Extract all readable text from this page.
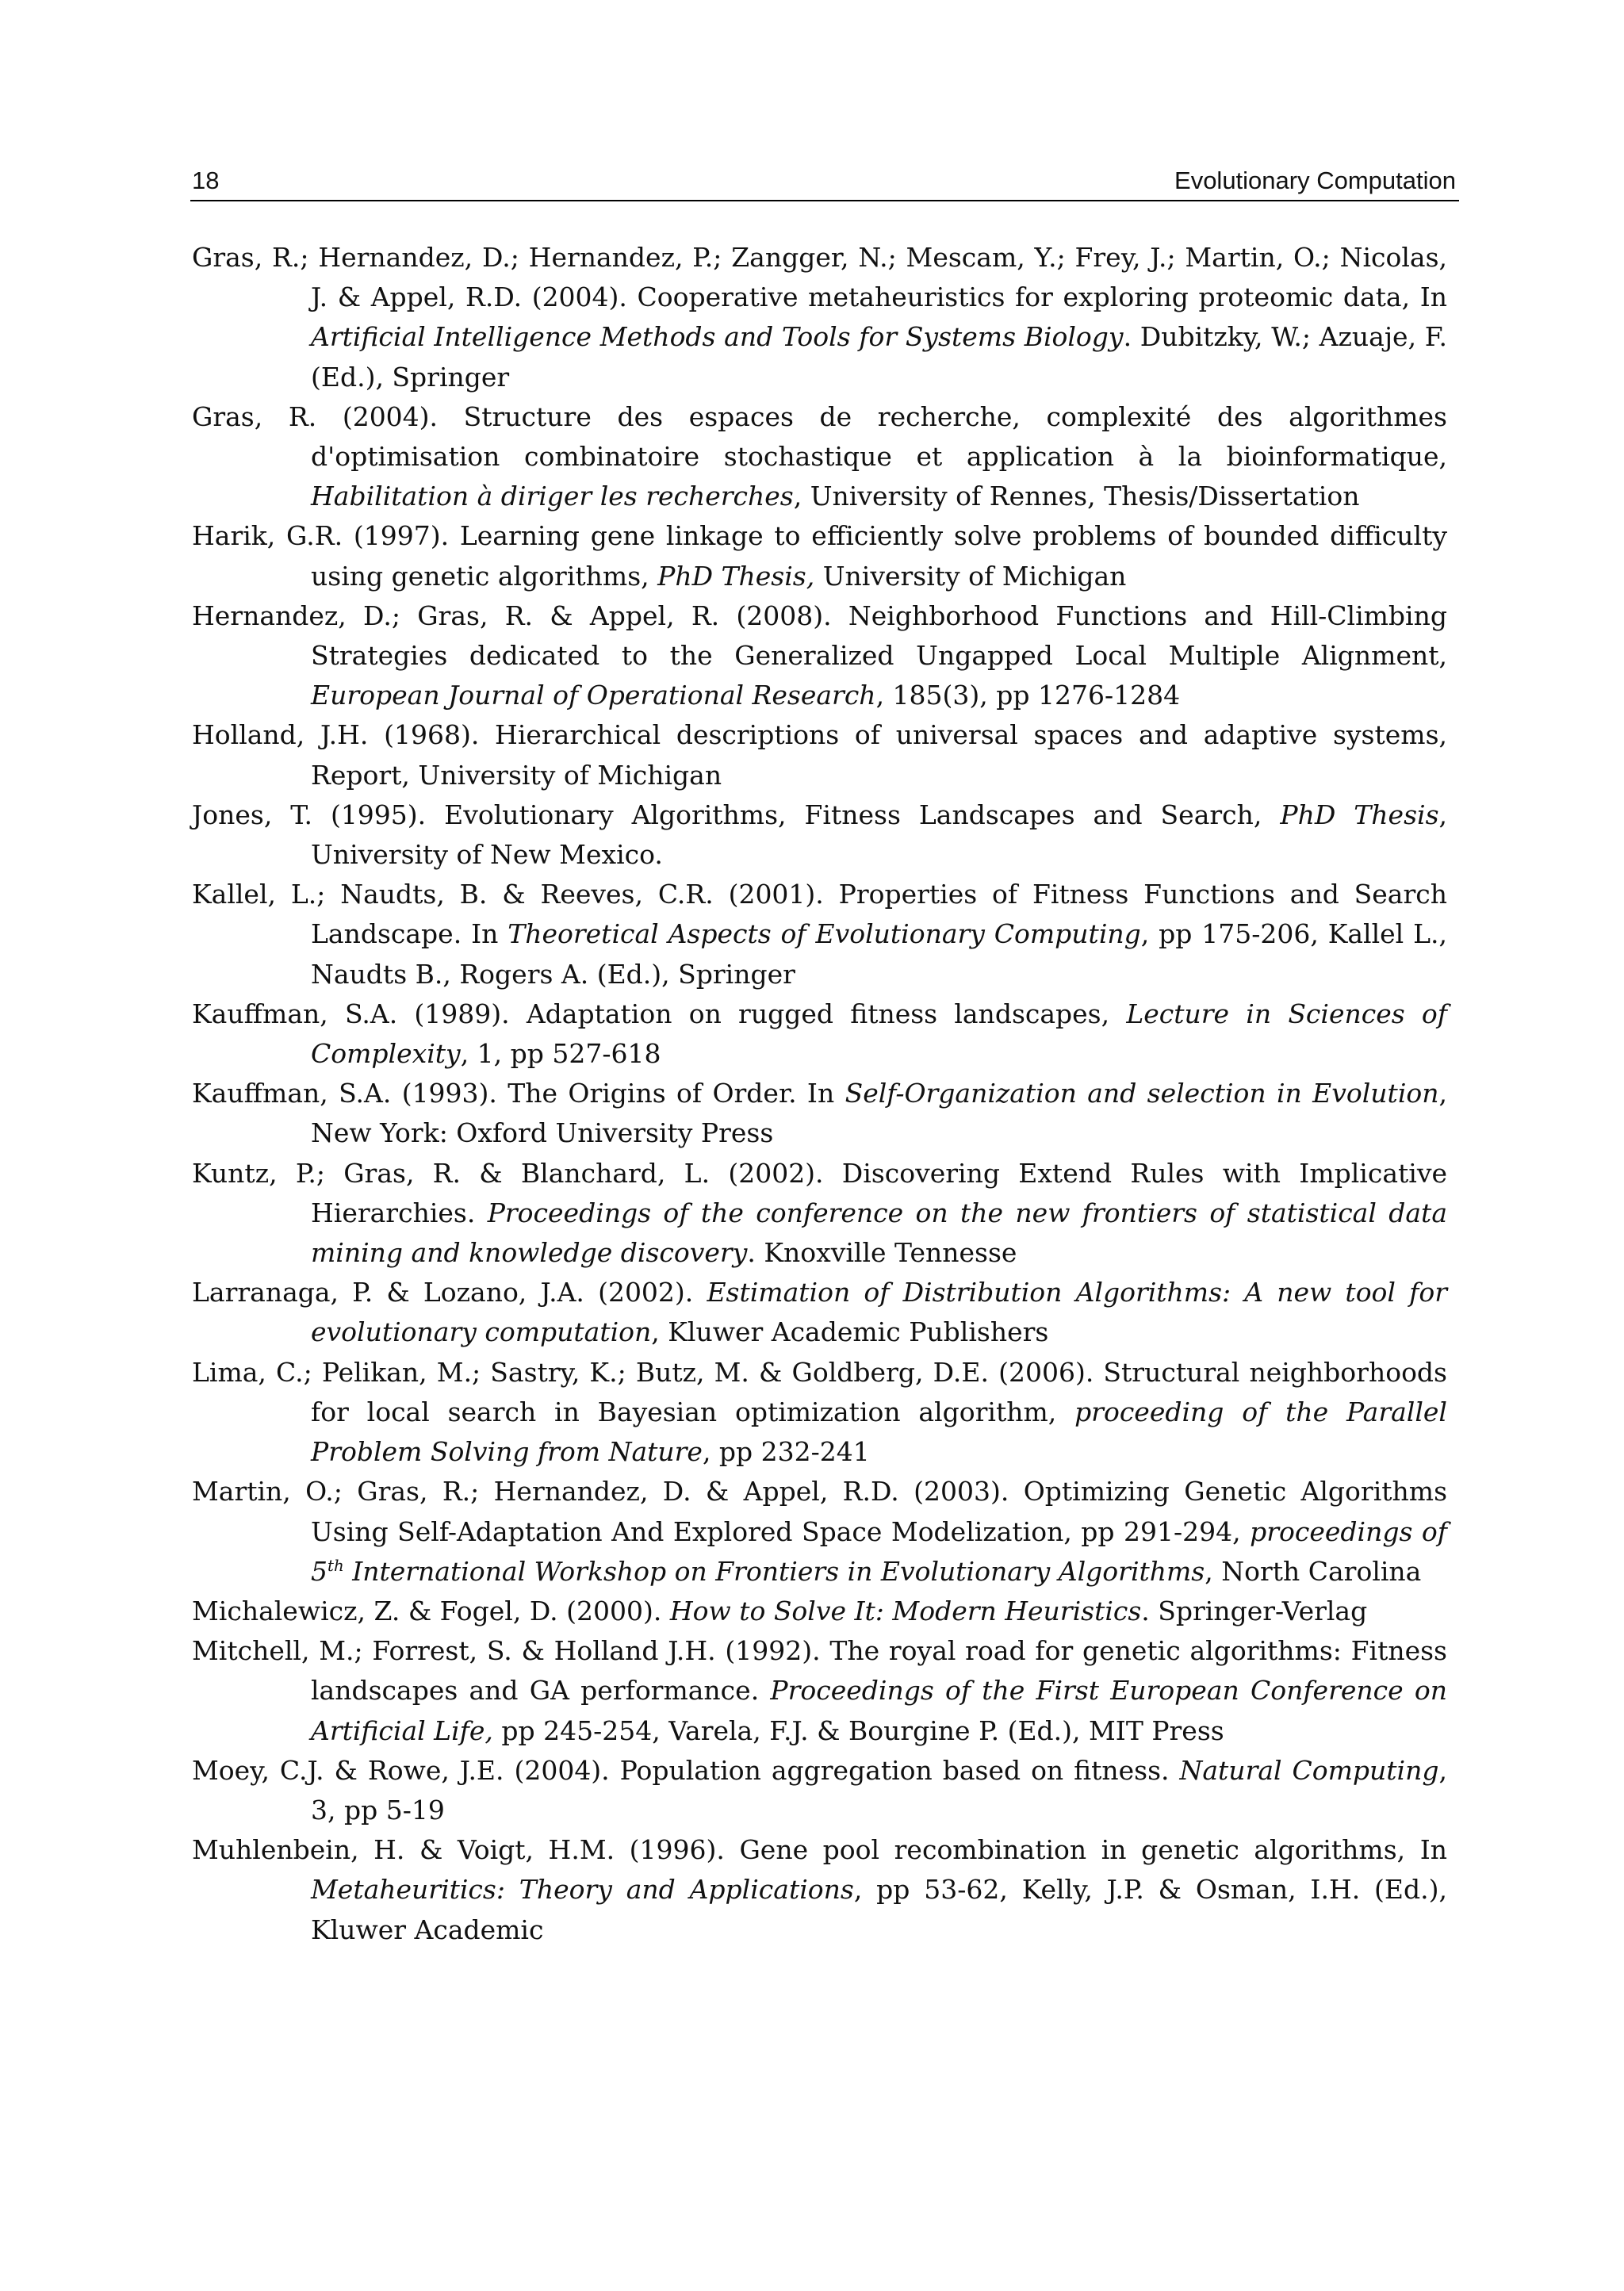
18	Evolutionary Computation

Gras, R.; Hernandez, D.; Hernandez, P.; Zangger, N.; Mescam, Y.; Frey, J.; Martin, O.; Nicolas, J. & Appel, R.D. (2004). Cooperative metaheuristics for exploring proteomic data, In Artificial Intelligence Methods and Tools for Systems Biology. Dubitzky, W.; Azuaje, F. (Ed.), Springer

Gras, R. (2004). Structure des espaces de recherche, complexité des algorithmes d'optimisation combinatoire stochastique et application à la bioinformatique, Habilitation à diriger les recherches, University of Rennes, Thesis/Dissertation

Harik, G.R. (1997). Learning gene linkage to efficiently solve problems of bounded difficulty using genetic algorithms, PhD Thesis, University of Michigan

Hernandez, D.; Gras, R. & Appel, R. (2008). Neighborhood Functions and Hill-Climbing Strategies dedicated to the Generalized Ungapped Local Multiple Alignment, European Journal of Operational Research, 185(3), pp 1276-1284

Holland, J.H. (1968). Hierarchical descriptions of universal spaces and adaptive systems, Report, University of Michigan

Jones, T. (1995). Evolutionary Algorithms, Fitness Landscapes and Search, PhD Thesis, University of New Mexico.

Kallel, L.; Naudts, B. & Reeves, C.R. (2001). Properties of Fitness Functions and Search Landscape. In Theoretical Aspects of Evolutionary Computing, pp 175-206, Kallel L., Naudts B., Rogers A. (Ed.), Springer

Kauffman, S.A. (1989). Adaptation on rugged fitness landscapes, Lecture in Sciences of Complexity, 1, pp 527-618

Kauffman, S.A. (1993). The Origins of Order. In Self-Organization and selection in Evolution, New York: Oxford University Press

Kuntz, P.; Gras, R. & Blanchard, L. (2002). Discovering Extend Rules with Implicative Hierarchies. Proceedings of the conference on the new frontiers of statistical data mining and knowledge discovery. Knoxville Tennesse

Larranaga, P. & Lozano, J.A. (2002). Estimation of Distribution Algorithms: A new tool for evolutionary computation, Kluwer Academic Publishers

Lima, C.; Pelikan, M.; Sastry, K.; Butz, M. & Goldberg, D.E. (2006). Structural neighborhoods for local search in Bayesian optimization algorithm, proceeding of the Parallel Problem Solving from Nature, pp 232-241

Martin, O.; Gras, R.; Hernandez, D. & Appel, R.D. (2003). Optimizing Genetic Algorithms Using Self-Adaptation And Explored Space Modelization, pp 291-294, proceedings of 5th International Workshop on Frontiers in Evolutionary Algorithms, North Carolina

Michalewicz, Z. & Fogel, D. (2000). How to Solve It: Modern Heuristics. Springer-Verlag

Mitchell, M.; Forrest, S. & Holland J.H. (1992). The royal road for genetic algorithms: Fitness landscapes and GA performance. Proceedings of the First European Conference on Artificial Life, pp 245-254, Varela, F.J. & Bourgine P. (Ed.), MIT Press

Moey, C.J. & Rowe, J.E. (2004). Population aggregation based on fitness. Natural Computing, 3, pp 5-19

Muhlenbein, H. & Voigt, H.M. (1996). Gene pool recombination in genetic algorithms, In Metaheuritics: Theory and Applications, pp 53-62, Kelly, J.P. & Osman, I.H. (Ed.), Kluwer Academic
